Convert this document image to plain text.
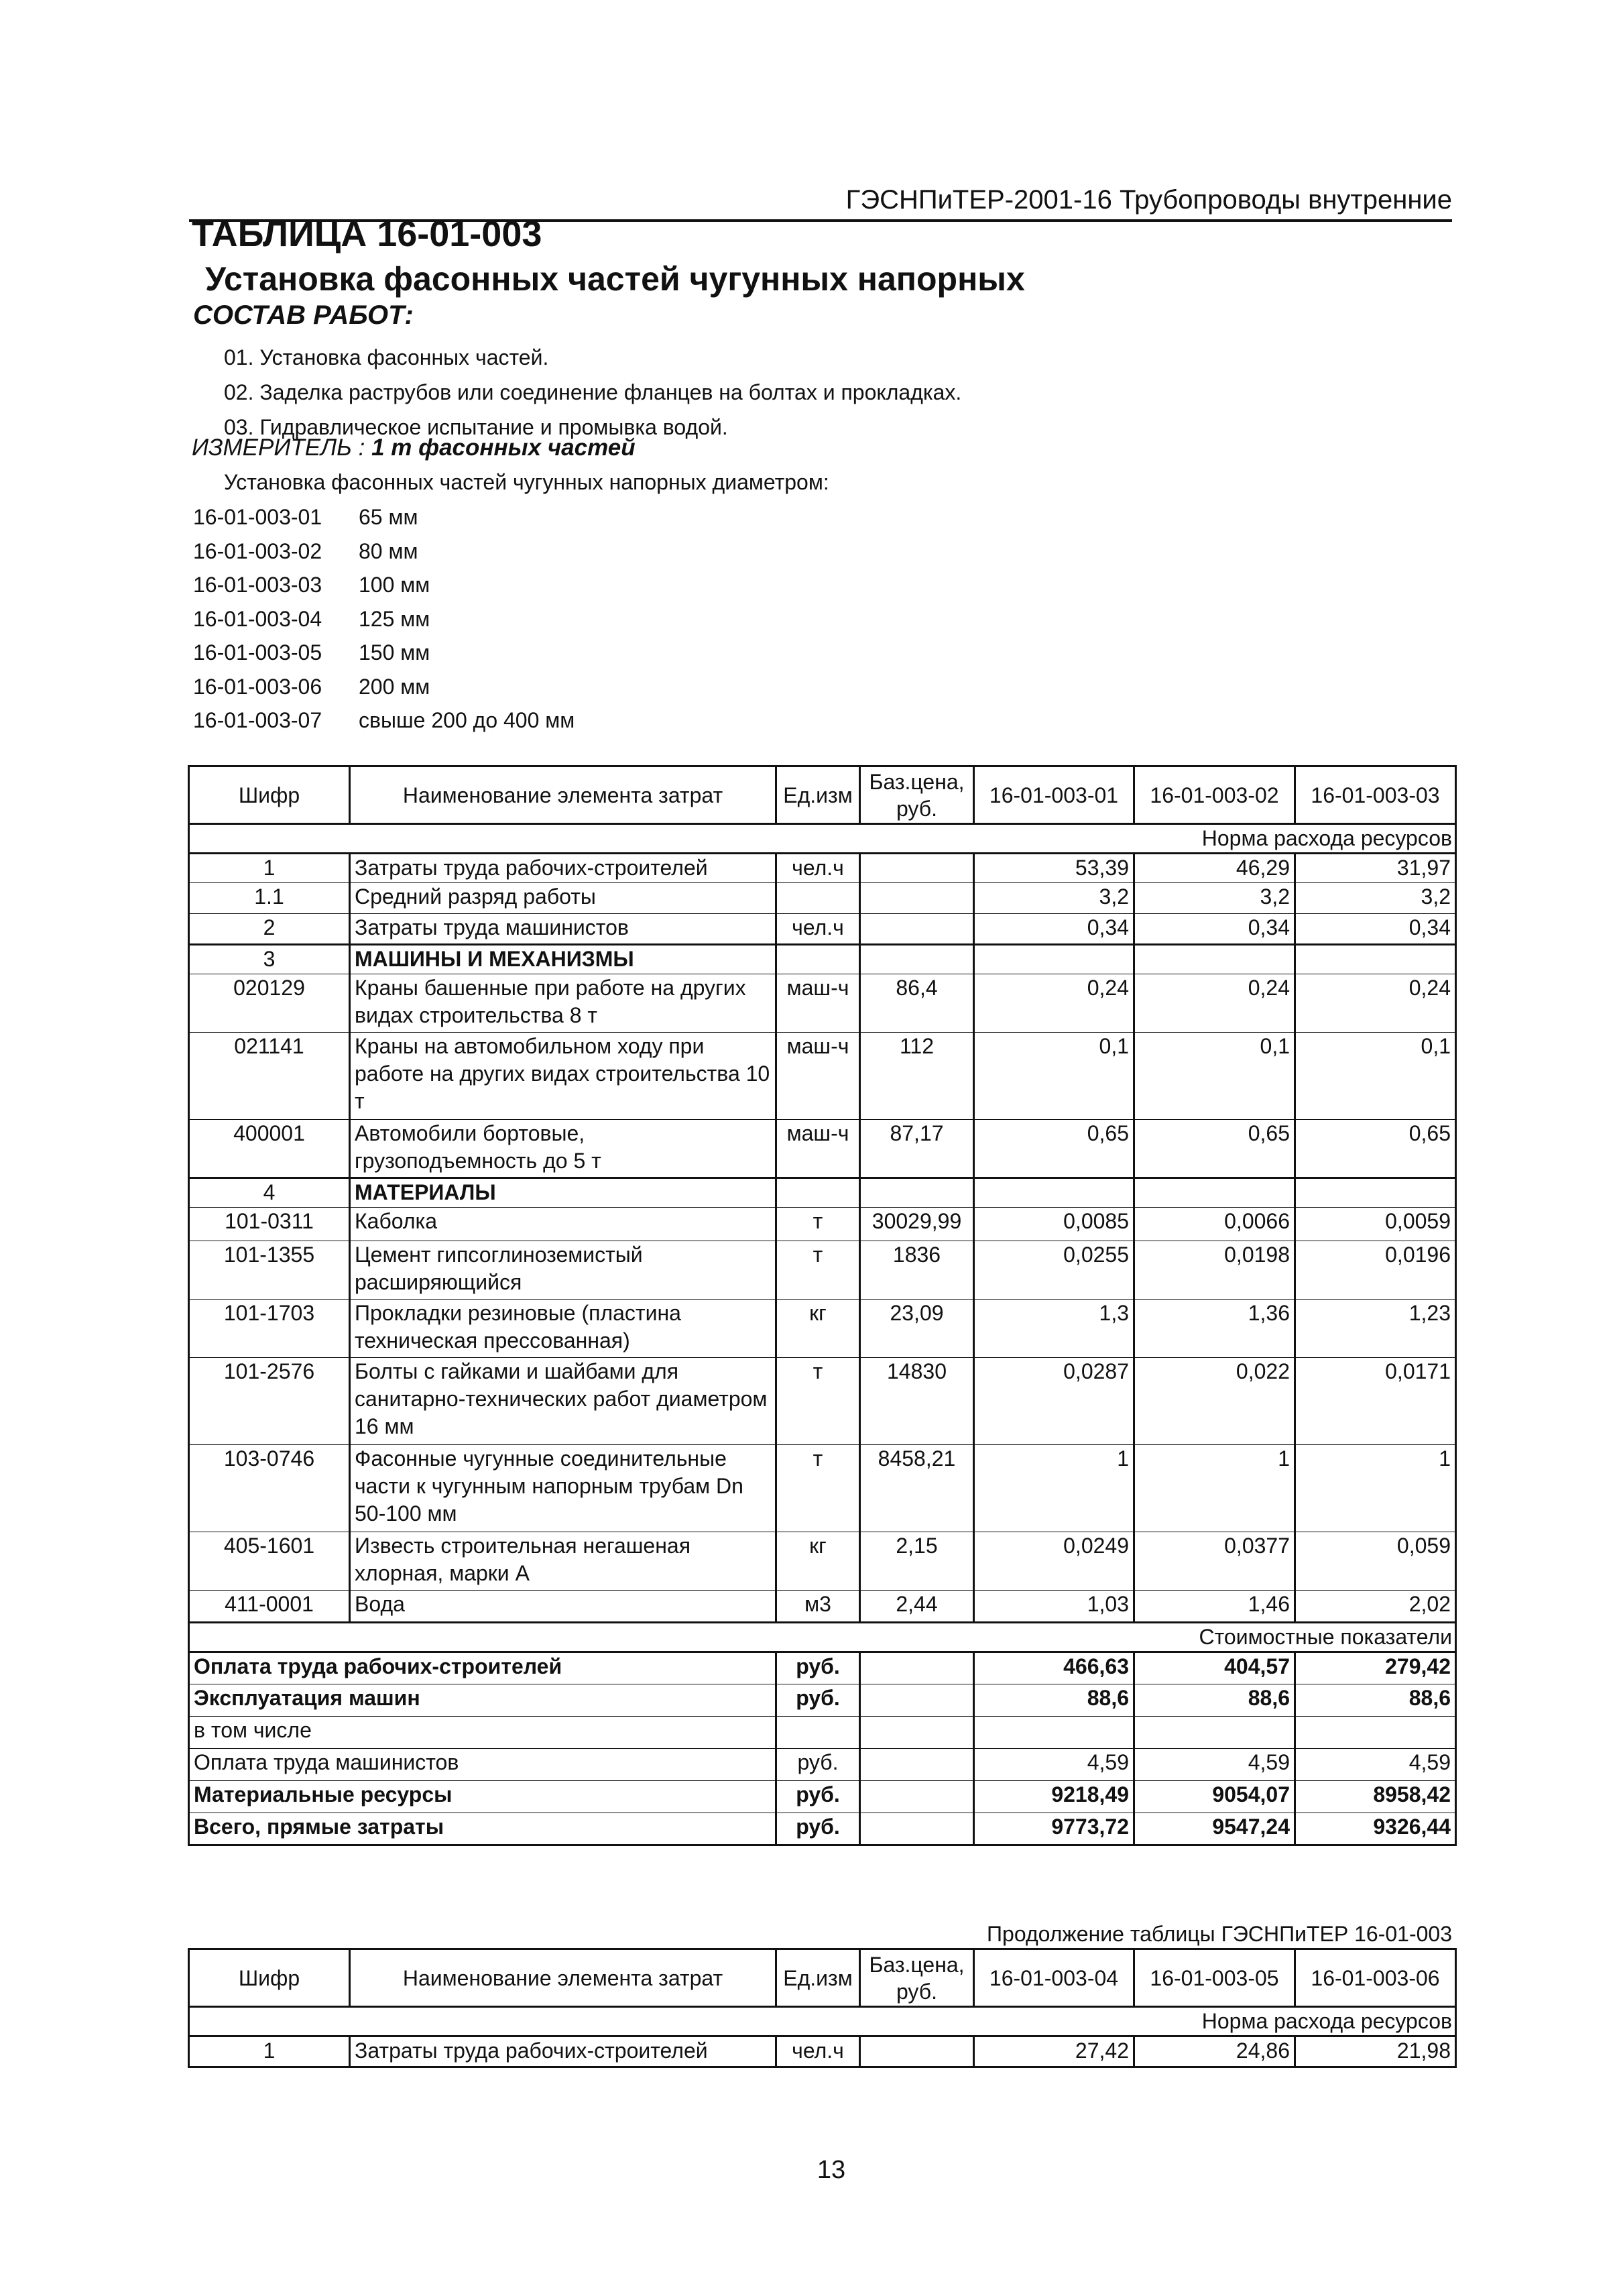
ГЭСНПиТЕР-2001-16 Трубопроводы внутренние
ТАБЛИЦА 16-01-003
Установка фасонных частей чугунных напорных
СОСТАВ РАБОТ:
01. Установка фасонных частей.
02. Заделка раструбов или соединение фланцев на болтах и прокладках.
03. Гидравлическое испытание и промывка водой.
ИЗМЕРИТЕЛЬ : 1 т фасонных частей
Установка фасонных частей чугунных напорных диаметром:
16-01-003-01 65 мм
16-01-003-02 80 мм
16-01-003-03 100 мм
16-01-003-04 125 мм
16-01-003-05 150 мм
16-01-003-06 200 мм
16-01-003-07 свыше 200 до 400 мм
Шифр	Наименование элемента затрат	Ед.изм	Баз.цена, руб.	16-01-003-01	16-01-003-02	16-01-003-03
Норма расхода ресурсов						
1	Затраты труда рабочих-строителей	чел.ч		53,39	46,29	31,97
1.1	Средний разряд работы			3,2	3,2	3,2
2	Затраты труда машинистов	чел.ч		0,34	0,34	0,34
3	МАШИНЫ И МЕХАНИЗМЫ					
020129	Краны башенные при работе на других видах строительства 8 т	маш-ч	86,4	0,24	0,24	0,24
021141	Краны на автомобильном ходу при работе на других видах строительства 10 т	маш-ч	112	0,1	0,1	0,1
400001	Автомобили бортовые, грузоподъемность до 5 т	маш-ч	87,17	0,65	0,65	0,65
4	МАТЕРИАЛЫ					
101-0311	Каболка	т	30029,99	0,0085	0,0066	0,0059
101-1355	Цемент гипсоглиноземистый расширяющийся	т	1836	0,0255	0,0198	0,0196
101-1703	Прокладки резиновые (пластина техническая прессованная)	кг	23,09	1,3	1,36	1,23
101-2576	Болты с гайками и шайбами для санитарно-технических работ диаметром 16 мм	т	14830	0,0287	0,022	0,0171
103-0746	Фасонные чугунные соединительные части к чугунным напорным трубам Dn 50-100 мм	т	8458,21	1	1	1
405-1601	Известь строительная негашеная хлорная, марки А	кг	2,15	0,0249	0,0377	0,059
411-0001	Вода	м3	2,44	1,03	1,46	2,02
Стоимостные показатели						
Оплата труда рабочих-строителей		руб.		466,63	404,57	279,42
Эксплуатация машин		руб.		88,6	88,6	88,6
в том числе						
Оплата труда машинистов		руб.		4,59	4,59	4,59
Материальные ресурсы		руб.		9218,49	9054,07	8958,42
Всего, прямые затраты		руб.		9773,72	9547,24	9326,44
Продолжение таблицы ГЭСНПиТЕР 16-01-003
Шифр	Наименование элемента затрат	Ед.изм	Баз.цена, руб.	16-01-003-04	16-01-003-05	16-01-003-06
Норма расхода ресурсов						
1	Затраты труда рабочих-строителей	чел.ч		27,42	24,86	21,98
13
